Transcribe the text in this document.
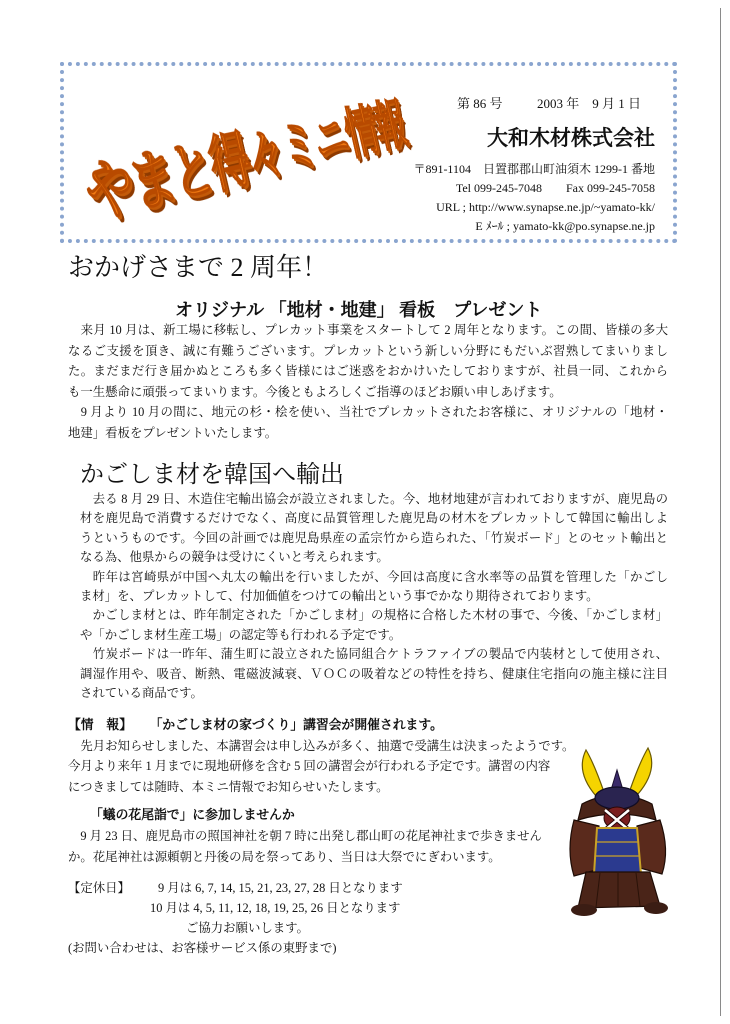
やまと得々ミニ情報	第 86 号	2003 年　9 月 1 日
大和木材株式会社
〒891-1104　日置郡郡山町油須木 1299-1 番地
Tel 099-245-7048　　Fax 099-245-7058
URL ; http://www.synapse.ne.jp/~yamato-kk/
E ﾒｰﾙ ; yamato-kk@po.synapse.ne.jp
おかげさまで 2 周年！
オリジナル 「地材・地建」 看板　プレゼント
　来月 10 月は、新工場に移転し、プレカット事業をスタートして 2 周年となります。この間、皆様の多大
なるご支援を頂き、誠に有難うございます。プレカットという新しい分野にもだいぶ習熟してまいりまし
た。まだまだ行き届かぬところも多く皆様にはご迷惑をおかけいたしておりますが、社員一同、これから
も一生懸命に頑張ってまいります。今後ともよろしくご指導のほどお願い申しあげます。
　9 月より 10 月の間に、地元の杉・桧を使い、当社でプレカットされたお客様に、オリジナルの「地材・
地建」看板をプレゼントいたします。
かごしま材を韓国へ輸出
　去る 8 月 29 日、木造住宅輸出協会が設立されました。今、地材地建が言われておりますが、鹿児島の
材を鹿児島で消費するだけでなく、高度に品質管理した鹿児島の材木をプレカットして韓国に輸出しよ
うというものです。今回の計画では鹿児島県産の孟宗竹から造られた、「竹炭ボード」とのセット輸出と
なる為、他県からの競争は受けにくいと考えられます。
　昨年は宮崎県が中国へ丸太の輸出を行いましたが、今回は高度に含水率等の品質を管理した「かごし
ま材」を、プレカットして、付加価値をつけての輸出という事でかなり期待されております。
　かごしま材とは、昨年制定された「かごしま材」の規格に合格した木材の事で、今後、「かごしま材」
や「かごしま材生産工場」の認定等も行われる予定です。
　竹炭ボードは一昨年、蒲生町に設立された協同組合ケトラファイブの製品で内装材として使用され、
調湿作用や、吸音、断熱、電磁波減衰、ＶＯＣの吸着などの特性を持ち、健康住宅指向の施主様に注目
されている商品です。
【情　報】 「かごしま材の家づくり」講習会が開催されます。
　先月お知らせしました、本講習会は申し込みが多く、抽選で受講生は決まったようです。
今月より来年 1 月までに現地研修を含む 5 回の講習会が行われる予定です。講習の内容
につきましては随時、本ミニ情報でお知らせいたします。
「蟻の花尾詣で」に参加しませんか
　9 月 23 日、鹿児島市の照国神社を朝 7 時に出発し郡山町の花尾神社まで歩きません
か。花尾神社は源頼朝と丹後の局を祭ってあり、当日は大祭でにぎわいます。
【定休日】 9 月は 6, 7, 14, 15, 21, 23, 27, 28 日となります
10 月は 4, 5, 11, 12, 18, 19, 25, 26 日となります
ご協力お願いします。
(お問い合わせは、お客様サービス係の東野まで)
